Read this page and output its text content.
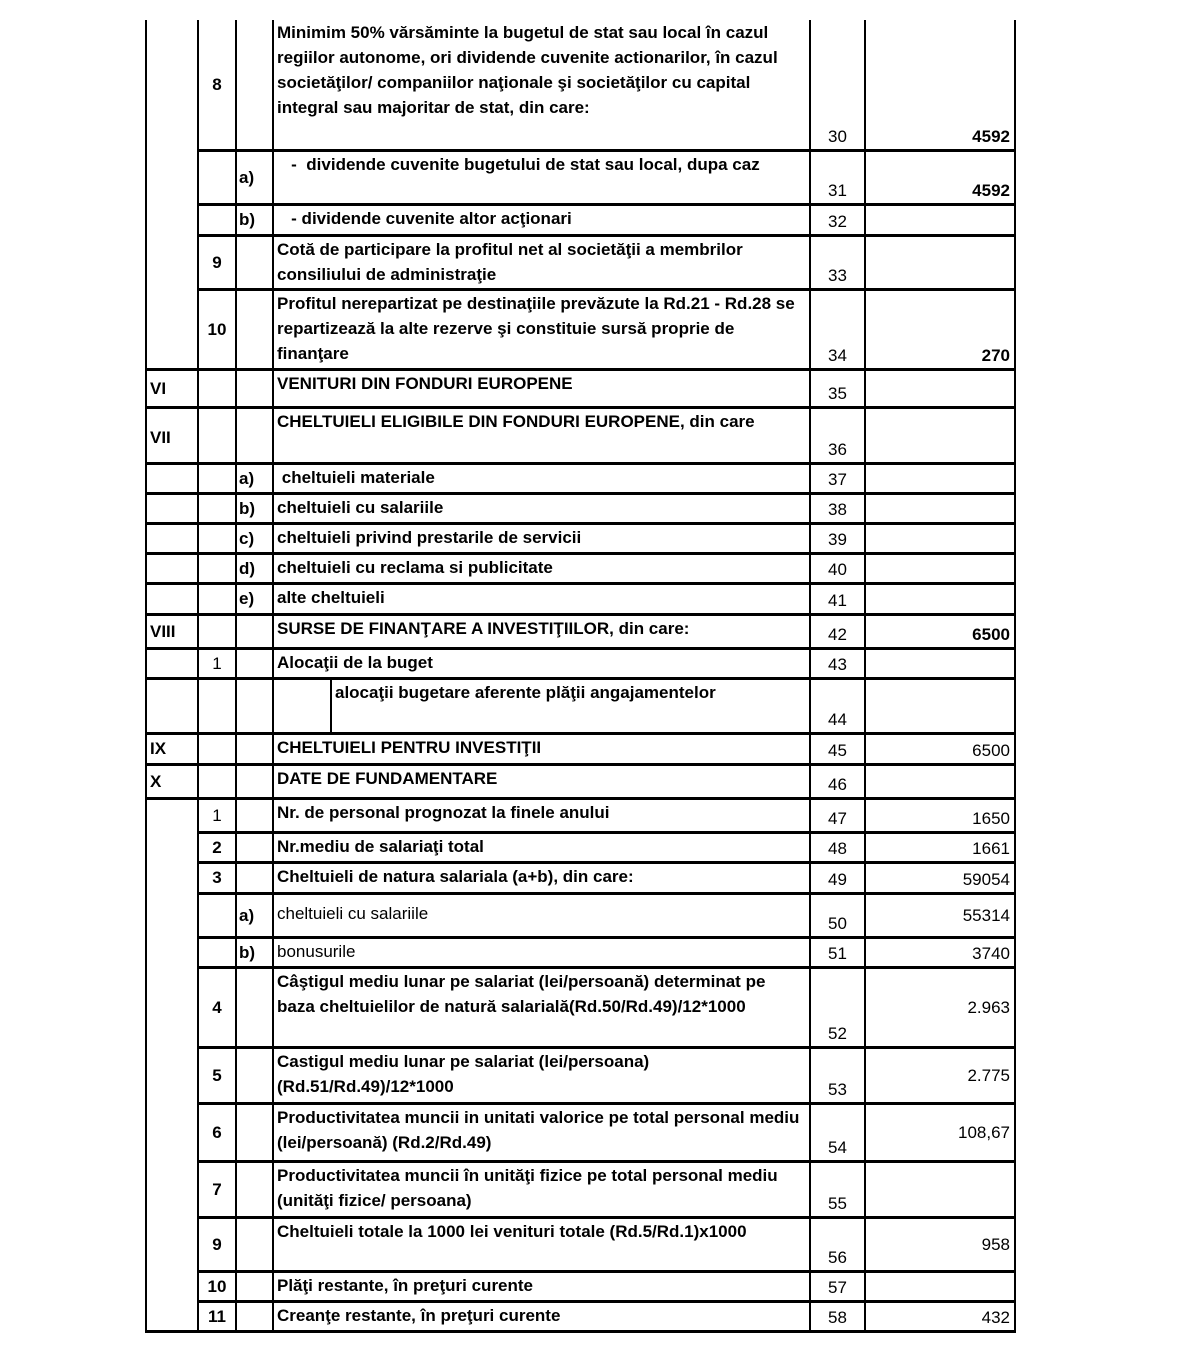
	8		Minimim 50% vărsăminte la bugetul de stat sau local în cazul regiilor autonome, ori dividende cuvenite actionarilor, în cazul societăţilor/ companiilor naţionale şi societăţilor cu capital integral sau majoritar de stat, din care:	30	4592
		a)	-  dividende cuvenite bugetului de stat sau local, dupa caz	31	4592
		b)	- dividende cuvenite altor acţionari	32	
	9		Cotă de participare la profitul net al societăţii a membrilor consiliului de administraţie	33	
	10		Profitul nerepartizat pe destinaţiile prevăzute la Rd.21 - Rd.28 se repartizează la alte rezerve şi constituie sursă proprie de finanţare	34	270
VI			VENITURI DIN FONDURI EUROPENE	35	
VII			CHELTUIELI ELIGIBILE DIN FONDURI EUROPENE, din care	36	
		a)	cheltuieli materiale	37	
		b)	cheltuieli cu salariile	38	
		c)	cheltuieli privind prestarile de servicii	39	
		d)	cheltuieli cu reclama si publicitate	40	
		e)	alte cheltuieli	41	
VIII			SURSE DE FINANŢARE A INVESTIŢIILOR, din care:	42	6500
	1		Alocaţii de la buget	43	

			alocaţii bugetare aferente plăţii angajamentelor	44	
IX			CHELTUIELI PENTRU INVESTIŢII	45	6500
X			DATE DE FUNDAMENTARE	46	
	1		Nr. de personal prognozat la finele anului	47	1650
	2		Nr.mediu de salariaţi total	48	1661
	3		Cheltuieli de natura salariala (a+b), din care:	49	59054
		a)	cheltuieli cu salariile	50	55314
		b)	bonusurile	51	3740
	4		Câştigul mediu lunar pe salariat (lei/persoană) determinat pe baza cheltuielilor de natură salarială(Rd.50/Rd.49)/12*1000	52	2.963
	5		Castigul mediu lunar pe salariat (lei/persoana) (Rd.51/Rd.49)/12*1000	53	2.775
	6		Productivitatea muncii in unitati valorice pe total personal mediu (lei/persoană) (Rd.2/Rd.49)	54	108,67
	7		Productivitatea muncii în unităţi fizice pe total personal mediu (unităţi fizice/ persoana)	55	
	9		Cheltuieli totale la 1000 lei venituri totale (Rd.5/Rd.1)x1000	56	958
	10		Plăţi restante, în preţuri curente	57	
	11		Creanţe restante, în preţuri curente	58	432
